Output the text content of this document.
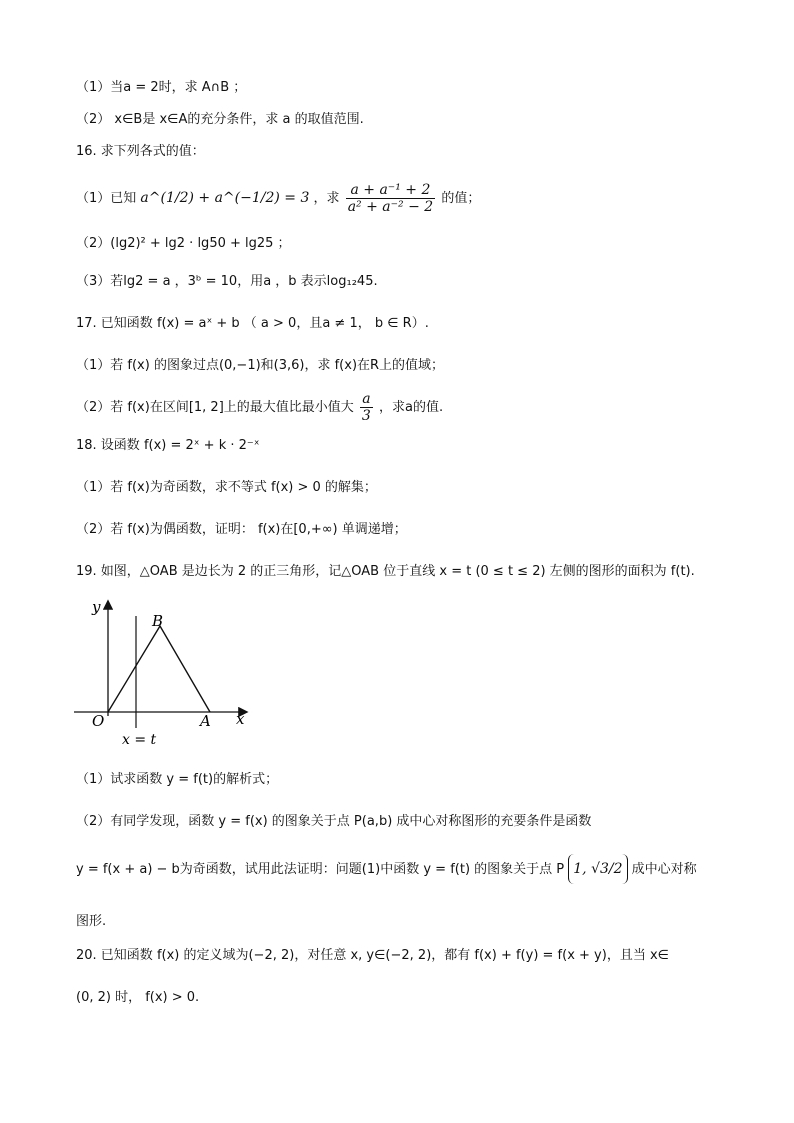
（1）当a = 2时，求 A∩B ；
（2） x∈B是 x∈A的充分条件，求 a 的取值范围.
16. 求下列各式的值：
（1）已知 a^(1/2) + a^(−1/2) = 3 ，求 $\frac{\text{a + a⁻¹ + 2}}{\text{a² + a⁻² − 2}}$ 的值；
（2）(lg2)² + lg2 · lg50 + lg25 ；
（3）若lg2 = a ，3ᵇ = 10，用a ，b 表示log₁₂45.
17. 已知函数 f(x) = aˣ + b （ a > 0，且a ≠ 1， b ∈ R）.
（1）若 f(x) 的图象过点(0,−1)和(3,6)，求 f(x)在R上的值域；
（2）若 f(x)在区间[1, 2]上的最大值比最小值大 $\frac{a}{3}$ ，求a的值.
18. 设函数 f(x) = 2ˣ + k · 2⁻ˣ
（1）若 f(x)为奇函数，求不等式 f(x) > 0 的解集；
（2）若 f(x)为偶函数，证明： f(x)在[0,+∞) 单调递增；
19. 如图，△OAB 是边长为 2 的正三角形，记△OAB 位于直线 x = t (0 ≤ t ≤ 2) 左侧的图形的面积为 f(t).
y
B
O	A x
x = t
（1）试求函数 y = f(t)的解析式；
（2）有同学发现，函数 y = f(x) 的图象关于点 P(a,b) 成中心对称图形的充要条件是函数
y = f(x + a) − b为奇函数，试用此法证明：问题(1)中函数 y = f(t) 的图象关于点 P 1, √3/2 成中心对称
图形.
20. 已知函数 f(x) 的定义域为(−2, 2)，对任意 x, y∈(−2, 2)，都有 f(x) + f(y) = f(x + y)，且当 x∈
(0, 2) 时， f(x) > 0.
